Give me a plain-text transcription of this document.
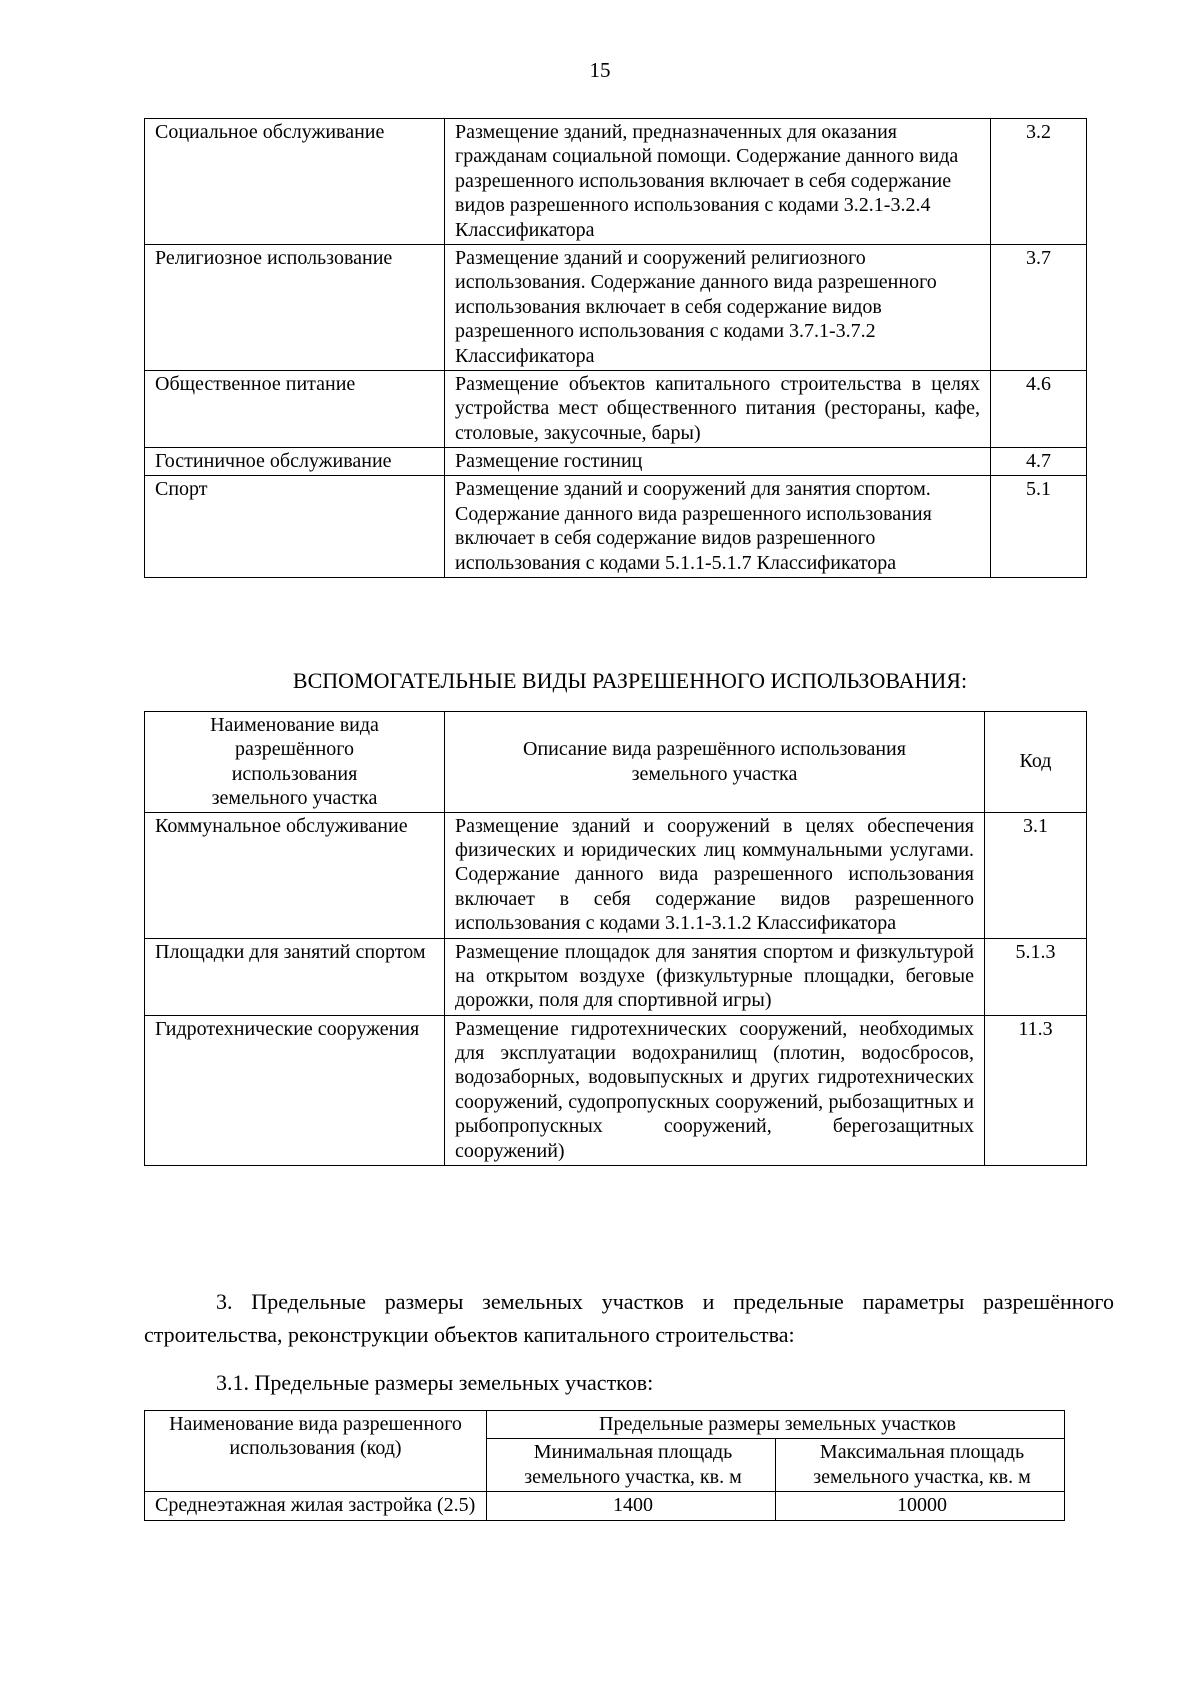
15
Социальное обслуживание	Размещение зданий, предназначенных для оказания гражданам социальной помощи. Содержание данного вида разрешенного использования включает в себя содержание видов разрешенного использования с кодами 3.2.1-3.2.4 Классификатора	3.2
Религиозное использование	Размещение зданий и сооружений религиозного использования. Содержание данного вида разрешенного использования включает в себя содержание видов разрешенного использования с кодами 3.7.1-3.7.2 Классификатора	3.7
Общественное питание	Размещение объектов капитального строительства в целях устройства мест общественного питания (рестораны, кафе, столовые, закусочные, бары)	4.6
Гостиничное обслуживание	Размещение гостиниц	4.7
Спорт	Размещение зданий и сооружений для занятия спортом. Содержание данного вида разрешенного использования включает в себя содержание видов разрешенного использования с кодами 5.1.1-5.1.7 Классификатора	5.1
ВСПОМОГАТЕЛЬНЫЕ ВИДЫ РАЗРЕШЕННОГО ИСПОЛЬЗОВАНИЯ:
Наименование вида разрешённого использования земельного участка	Описание вида разрешённого использования земельного участка	Код
Коммунальное обслуживание	Размещение зданий и сооружений в целях обеспечения физических и юридических лиц коммунальными услугами. Содержание данного вида разрешенного использования включает в себя содержание видов разрешенного использования с кодами 3.1.1-3.1.2 Классификатора	3.1
Площадки для занятий спортом	Размещение площадок для занятия спортом и физкультурой на открытом воздухе (физкультурные площадки, беговые дорожки, поля для спортивной игры)	5.1.3
Гидротехнические сооружения	Размещение гидротехнических сооружений, необходимых для эксплуатации водохранилищ (плотин, водосбросов, водозаборных, водовыпускных и других гидротехнических сооружений, судопропускных сооружений, рыбозащитных и рыбопропускных сооружений, берегозащитных сооружений)	11.3
3. Предельные размеры земельных участков и предельные параметры разрешённого строительства, реконструкции объектов капитального строительства:
3.1. Предельные размеры земельных участков:
Наименование вида разрешенного использования (код)	Предельные размеры земельных участков	
	Минимальная площадь земельного участка, кв. м	Максимальная площадь земельного участка, кв. м
Среднеэтажная жилая застройка (2.5)	1400	10000
